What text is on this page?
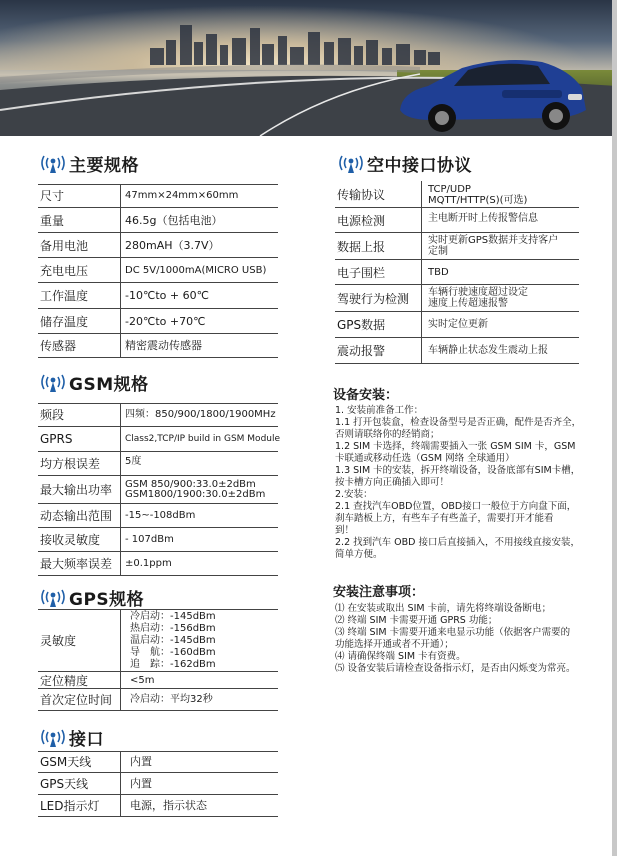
主要规格
尺寸	47mm×24mm×60mm
重量	46.5g（包括电池）
备用电池	280mAH（3.7V）
充电电压	DC 5V/1000mA(MICRO USB)
工作温度	-10℃to + 60℃
储存温度	-20℃to +70℃
传感器	精密震动传感器
GSM规格
频段	四频：850/900/1800/1900MHz
GPRS	Class2,TCP/IP build in GSM Module
均方根误差 5度
最大输出功率 GSM 850/900:33.0±2dBm
GSM1800/1900:30.0±2dBm
动态输出范围 -15~-108dBm
接收灵敏度 - 107dBm
最大频率误差 ±0.1ppm
GPS规格
灵敏度
冷启动：-145dBm
热启动：-156dBm
温启动：-145dBm
导　航：-160dBm
追　踪：-162dBm
定位精度	<5m
首次定位时间 冷启动：平均32秒
接口
GSM天线	内置
GPS天线	内置
LED指示灯	电源，指示状态
空中接口协议
传输协议	TCP/UDP
MQTT/HTTP(S)(可选)
电源检测	主电断开时上传报警信息
数据上报	实时更新GPS数据并支持客户
定制
电子围栏	TBD
驾驶行为检测 车辆行驶速度超过设定
速度上传超速报警
GPS数据	实时定位更新
震动报警	车辆静止状态发生震动上报
设备安装：
1. 安装前准备工作：
1.1 打开包装盒，检查设备型号是否正确，配件是否齐全，
否则请联络你的经销商；
1.2 SIM 卡选择，终端需要插入一张 GSM SIM 卡，GSM
卡联通或移动任选（GSM 网络 全球通用）
1.3 SIM 卡的安装，拆开终端设备，设备底部有SIM卡槽，
按卡槽方向正确插入即可！
2.安装：
2.1 查找汽车OBD位置，OBD接口一般位于方向盘下面，
刹车踏板上方，有些车子有些盖子，需要打开才能看
到！
2.2 找到汽车 OBD 接口后直接插入，不用接线直接安装，
简单方便。
安装注意事项：
⑴ 在安装或取出 SIM 卡前，请先将终端设备断电；
⑵ 终端 SIM 卡需要开通 GPRS 功能；
⑶ 终端 SIM 卡需要开通来电显示功能（依据客户需要的
功能选择开通或者不开通）；
⑷ 请确保终端 SIM 卡有资费。
⑸ 设备安装后请检查设备指示灯，是否由闪烁变为常亮。
